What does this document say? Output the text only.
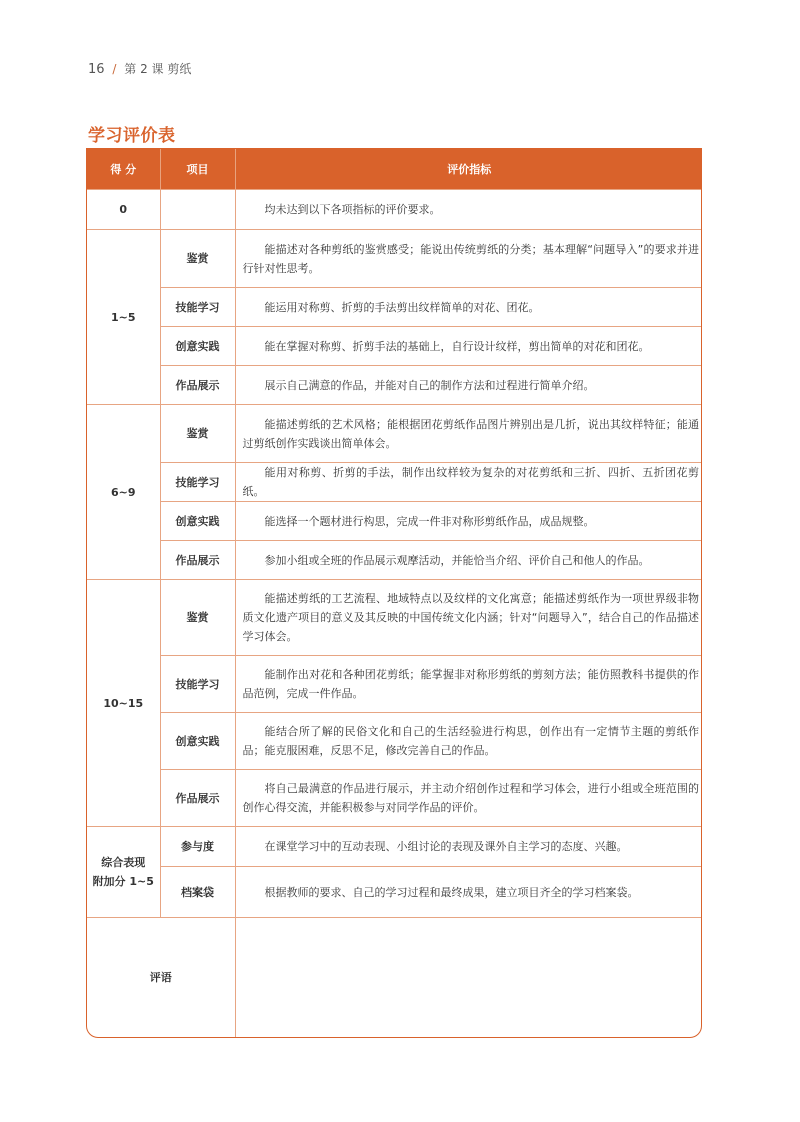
16 / 第 2 课 剪纸
学习评价表
得 分	项目	评价指标
0		均未达到以下各项指标的评价要求。
1~5	鉴赏	能描述对各种剪纸的鉴赏感受；能说出传统剪纸的分类；基本理解“问题导入”的要求并进行针对性思考。
	技能学习	能运用对称剪、折剪的手法剪出纹样简单的对花、团花。
	创意实践	能在掌握对称剪、折剪手法的基础上，自行设计纹样，剪出简单的对花和团花。
	作品展示	展示自己满意的作品，并能对自己的制作方法和过程进行简单介绍。
6~9	鉴赏	能描述剪纸的艺术风格；能根据团花剪纸作品图片辨别出是几折，说出其纹样特征；能通过剪纸创作实践谈出简单体会。
	技能学习	能用对称剪、折剪的手法，制作出纹样较为复杂的对花剪纸和三折、四折、五折团花剪纸。
	创意实践	能选择一个题材进行构思，完成一件非对称形剪纸作品，成品规整。
	作品展示	参加小组或全班的作品展示观摩活动，并能恰当介绍、评价自己和他人的作品。
10~15	鉴赏	能描述剪纸的工艺流程、地域特点以及纹样的文化寓意；能描述剪纸作为一项世界级非物质文化遗产项目的意义及其反映的中国传统文化内涵；针对“问题导入”，结合自己的作品描述学习体会。
	技能学习	能制作出对花和各种团花剪纸；能掌握非对称形剪纸的剪刻方法；能仿照教科书提供的作品范例，完成一件作品。
	创意实践	能结合所了解的民俗文化和自己的生活经验进行构思，创作出有一定情节主题的剪纸作品；能克服困难，反思不足，修改完善自己的作品。
	作品展示	将自己最满意的作品进行展示，并主动介绍创作过程和学习体会，进行小组或全班范围的创作心得交流，并能积极参与对同学作品的评价。

综合表现
附加分 1~5	参与度	在课堂学习中的互动表现、小组讨论的表现及课外自主学习的态度、兴趣。
	档案袋	根据教师的要求、自己的学习过程和最终成果，建立项目齐全的学习档案袋。
评语		
